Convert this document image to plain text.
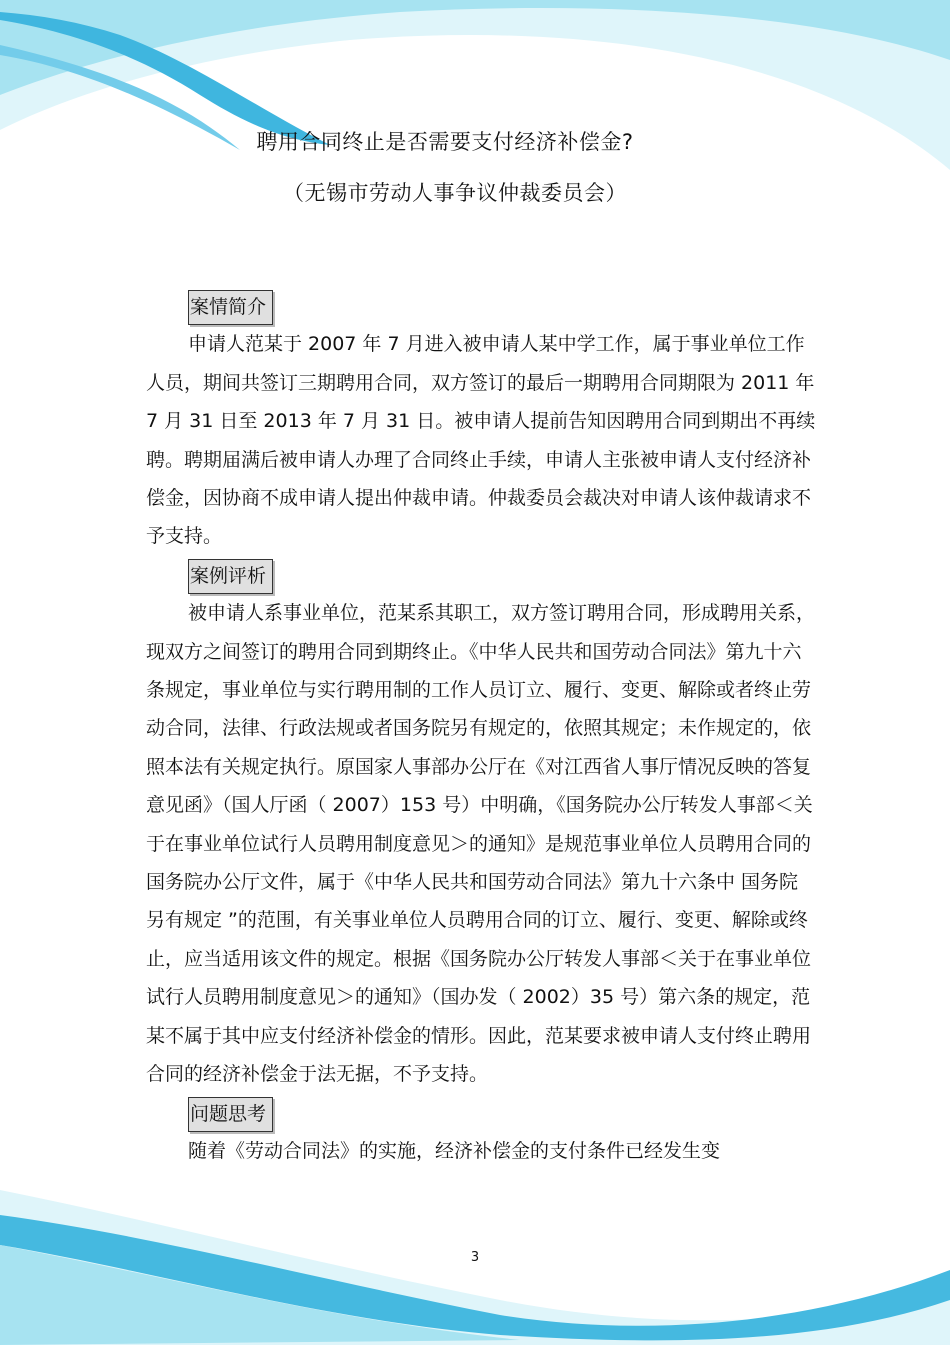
聘用合同终止是否需要支付经济补偿金?
（无锡市劳动人事争议仲裁委员会）
案情简介

申请人范某于 2007 年 7 月进入被申请人某中学工作，属于事业单位工作人员，期间共签订三期聘用合同，双方签订的最后一期聘用合同期限为 2011 年 7 月 31 日至 2013 年 7 月 31 日。被申请人提前告知因聘用合同到期出不再续聘。聘期届满后被申请人办理了合同终止手续，申请人主张被申请人支付经济补偿金，因协商不成申请人提出仲裁申请。仲裁委员会裁决对申请人该仲裁请求不予支持。

案例评析

被申请人系事业单位，范某系其职工，双方签订聘用合同，形成聘用关系，现双方之间签订的聘用合同到期终止。《中华人民共和国劳动合同法》第九十六条规定，事业单位与实行聘用制的工作人员订立、履行、变更、解除或者终止劳动合同，法律、行政法规或者国务院另有规定的，依照其规定；未作规定的，依照本法有关规定执行。原国家人事部办公厅在《对江西省人事厅情况反映的答复意见函》（国人厅函（ 2007）153 号）中明确，《国务院办公厅转发人事部＜关于在事业单位试行人员聘用制度意见＞的通知》是规范事业单位人员聘用合同的国务院办公厅文件，属于《中华人民共和国劳动合同法》第九十六条中 国务院另有规定 ”的范围，有关事业单位人员聘用合同的订立、履行、变更、解除或终止，应当适用该文件的规定。根据《国务院办公厅转发人事部＜关于在事业单位试行人员聘用制度意见＞的通知》（国办发（ 2002）35 号）第六条的规定，范某不属于其中应支付经济补偿金的情形。因此，范某要求被申请人支付终止聘用合同的经济补偿金于法无据，不予支持。

问题思考

随着《劳动合同法》的实施，经济补偿金的支付条件已经发生变

3
